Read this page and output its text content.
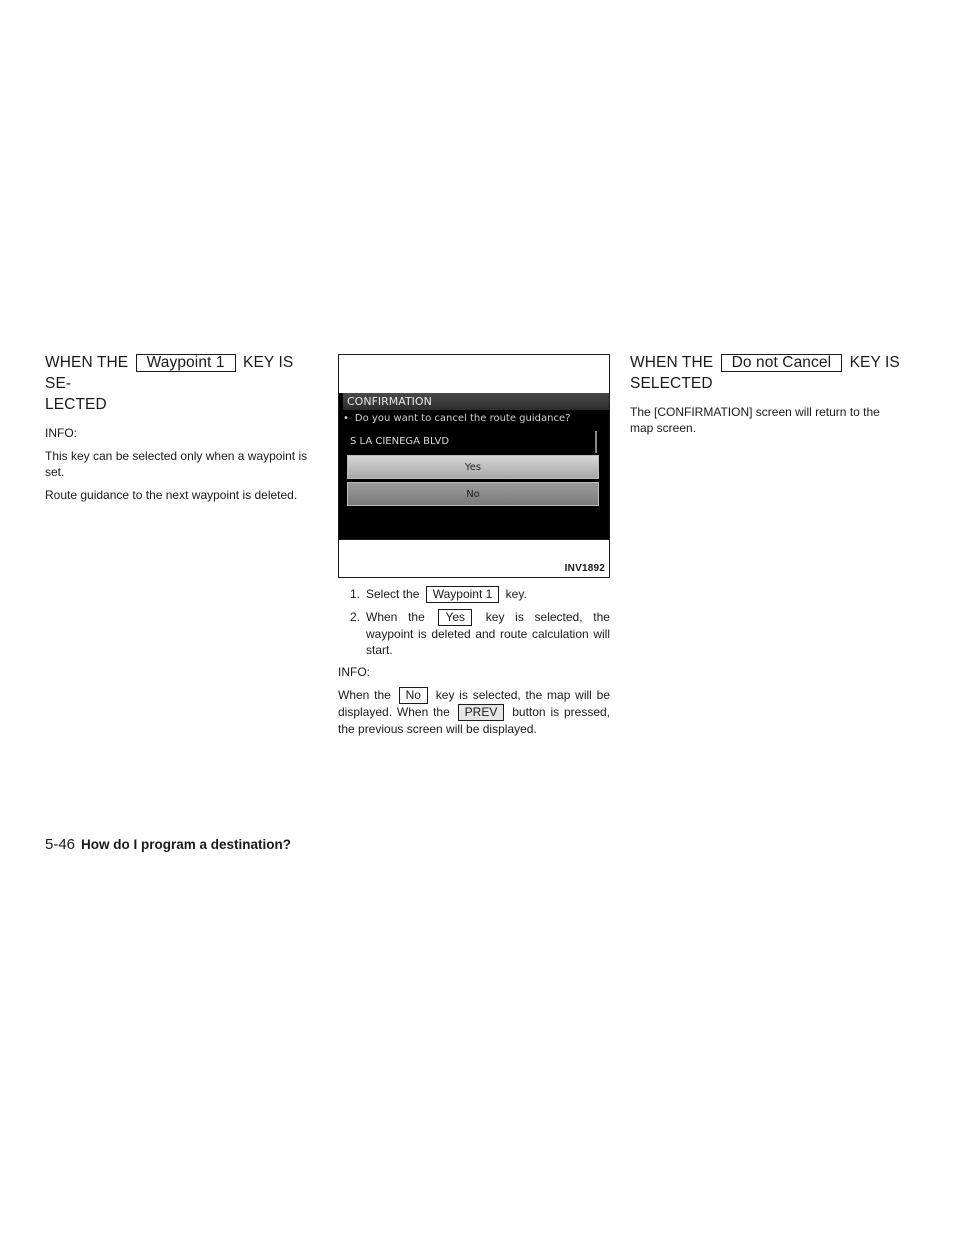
WHEN THE Waypoint 1 KEY IS SE-
LECTED

INFO:

This key can be selected only when a waypoint is set.

Route guidance to the next waypoint is deleted.

CONFIRMATION
• Do you want to cancel the route guidance?
S LA CIENEGA BLVD
Yes
No
INV1892
1. Select the Waypoint 1 key.
2. When the Yes key is selected, the waypoint is deleted and route calculation will start.

INFO:

When the No key is selected, the map will be displayed. When the PREV button is pressed, the previous screen will be displayed.

WHEN THE Do not Cancel KEY IS
SELECTED

The [CONFIRMATION] screen will return to the map screen.

5-46 How do I program a destination?
